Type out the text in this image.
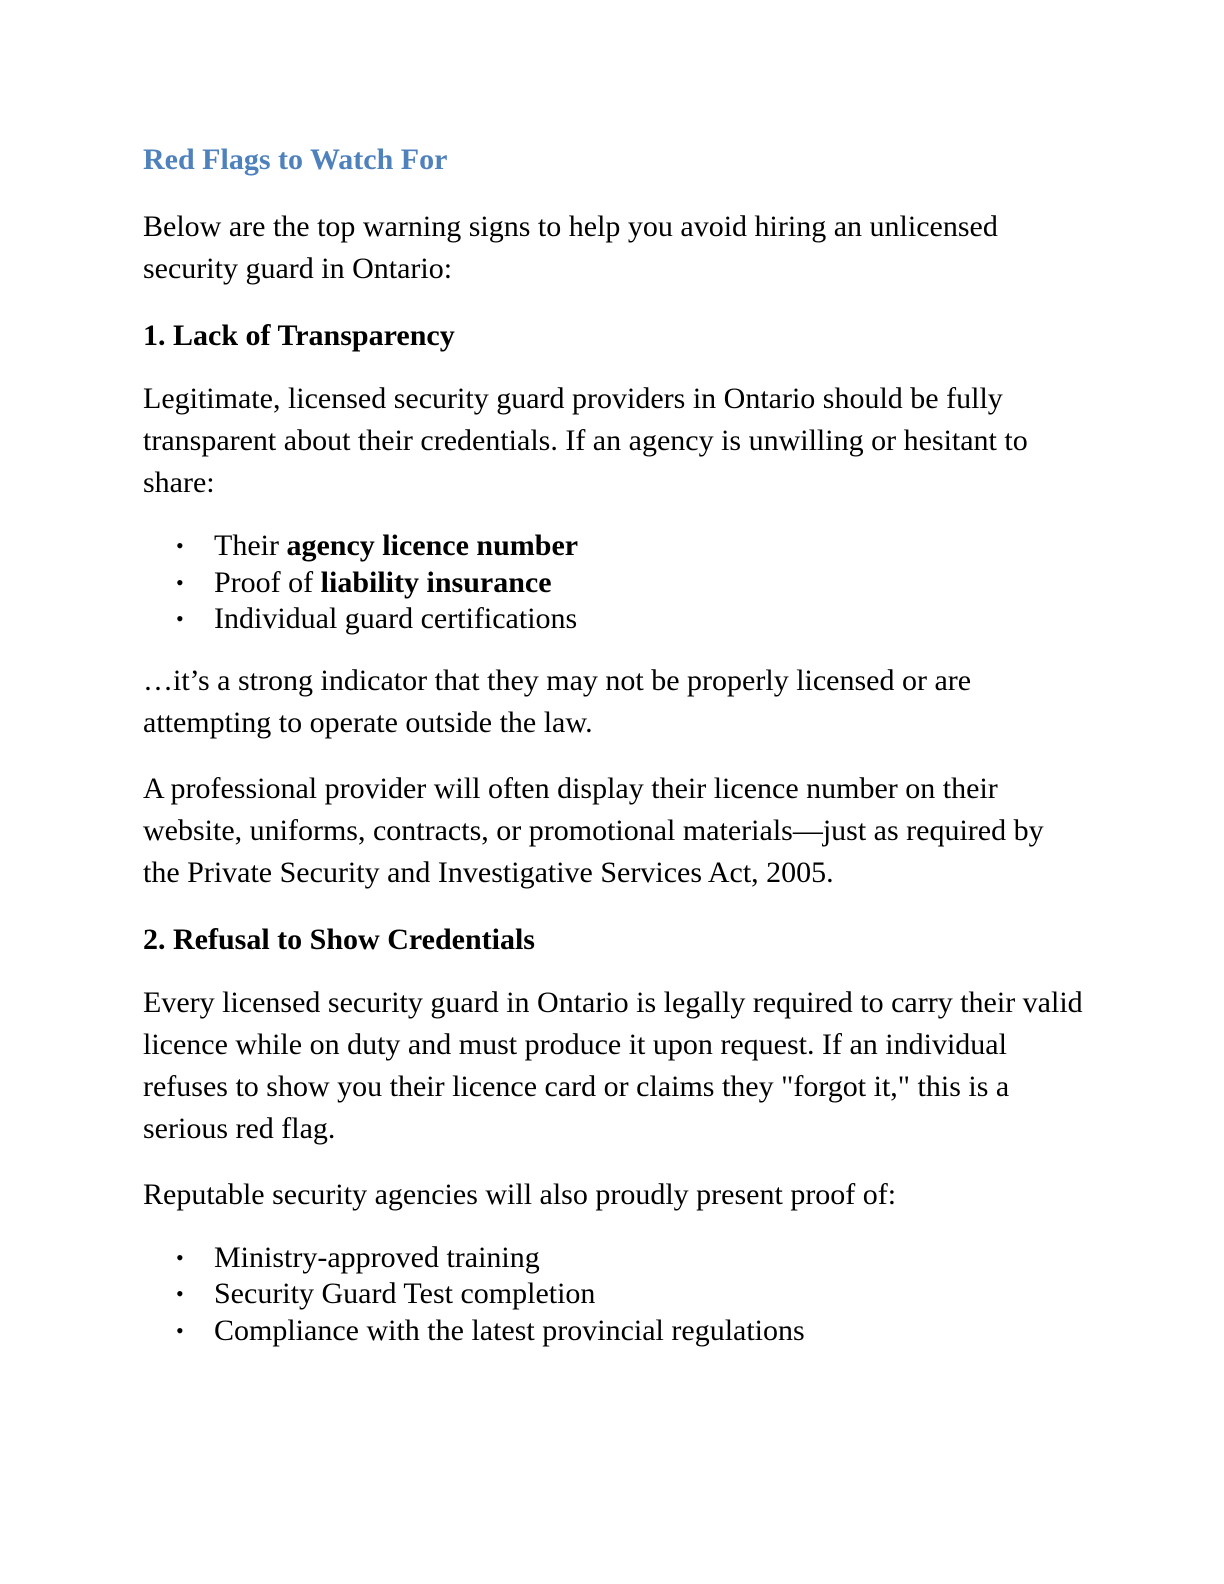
Red Flags to Watch For

Below are the top warning signs to help you avoid hiring an unlicensed security guard in Ontario:

1. Lack of Transparency

Legitimate, licensed security guard providers in Ontario should be fully transparent about their credentials. If an agency is unwilling or hesitant to share:

• Their agency licence number
• Proof of liability insurance
• Individual guard certifications

…it’s a strong indicator that they may not be properly licensed or are attempting to operate outside the law.

A professional provider will often display their licence number on their website, uniforms, contracts, or promotional materials—just as required by the Private Security and Investigative Services Act, 2005.

2. Refusal to Show Credentials

Every licensed security guard in Ontario is legally required to carry their valid licence while on duty and must produce it upon request. If an individual refuses to show you their licence card or claims they "forgot it," this is a serious red flag.

Reputable security agencies will also proudly present proof of:

• Ministry-approved training
• Security Guard Test completion
• Compliance with the latest provincial regulations
